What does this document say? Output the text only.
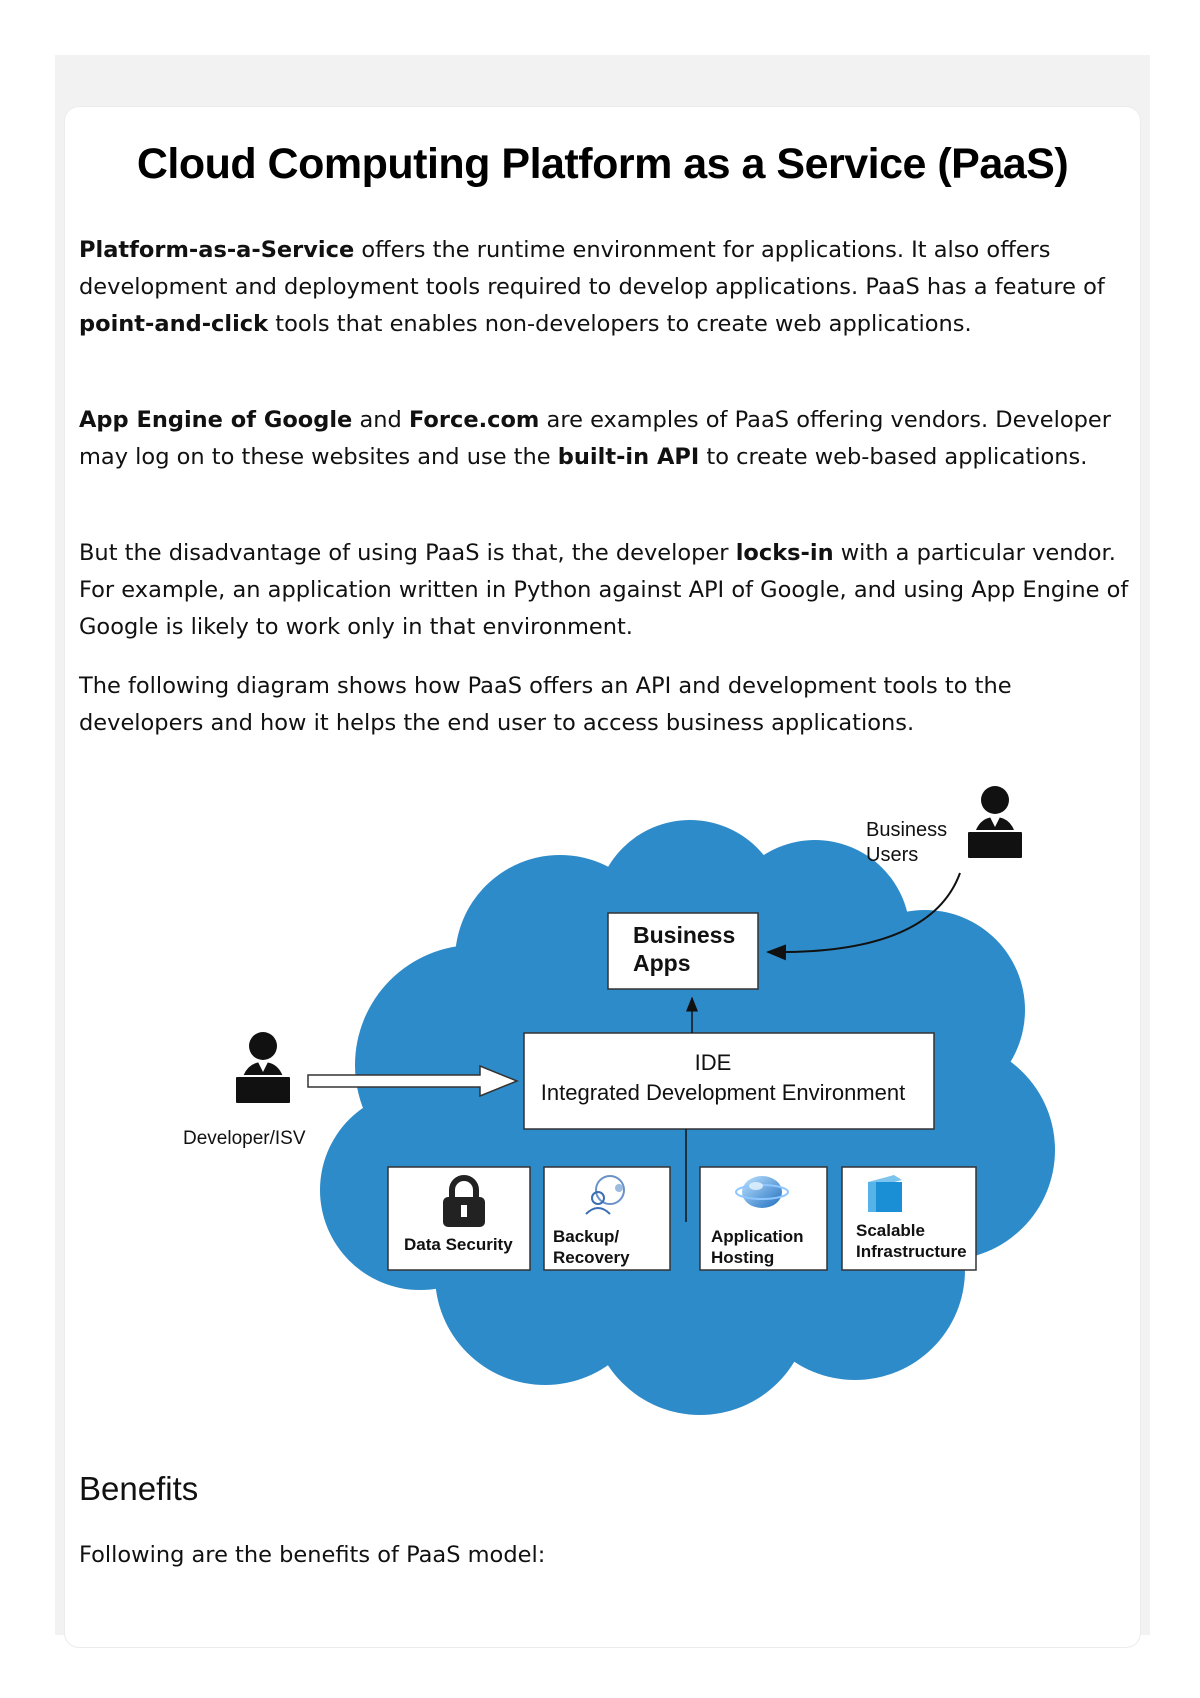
Cloud Computing Platform as a Service (PaaS)

Platform-as-a-Service offers the runtime environment for applications. It also offers development and deployment tools required to develop applications. PaaS has a feature of point-and-click tools that enables non-developers to create web applications.

App Engine of Google and Force.com are examples of PaaS offering vendors. Developer may log on to these websites and use the built-in API to create web-based applications.

But the disadvantage of using PaaS is that, the developer locks-in with a particular vendor. For example, an application written in Python against API of Google, and using App Engine of Google is likely to work only in that environment.

The following diagram shows how PaaS offers an API and development tools to the developers and how it helps the end user to access business applications.

Business
Apps
IDE
Integrated Development Environment
Data Security Backup/
Recovery
Application
Hosting
Scalable
Infrastructure
Developer/ISV
Business
Users
Benefits

Following are the benefits of PaaS model:
